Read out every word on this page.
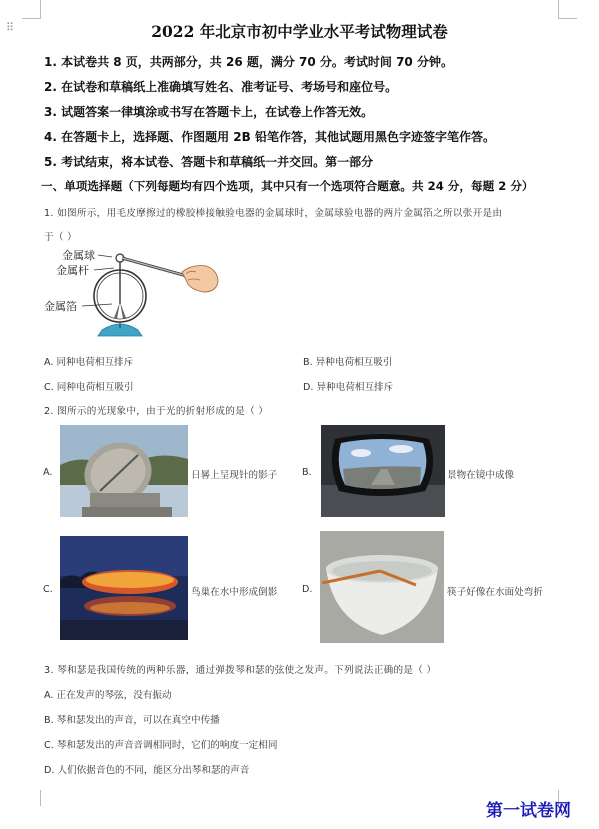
⠿	2022 年北京市初中学业水平考试物理试卷
1. 本试卷共 8 页，共两部分，共 26 题，满分 70 分。考试时间 70 分钟。
2. 在试卷和草稿纸上准确填写姓名、准考证号、考场号和座位号。
3. 试题答案一律填涂或书写在答题卡上，在试卷上作答无效。
4. 在答题卡上，选择题、作图题用 2B 铅笔作答，其他试题用黑色字迹签字笔作答。
5. 考试结束，将本试卷、答题卡和草稿纸一并交回。第一部分
一、单项选择题（下列每题均有四个选项，其中只有一个选项符合题意。共 24 分，每题 2 分）
1. 如图所示，用毛皮摩擦过的橡胶棒接触验电器的金属球时，金属球验电器的两片金属箔之所以张开是由
于（ ）
金属球
金属杆
金属箔
A. 同种电荷相互排斥	B. 异种电荷相互吸引
C. 同种电荷相互吸引	D. 异种电荷相互排斥
2. 图所示的光现象中，由于光的折射形成的是（ ）
A.	日晷上呈现针的影子	B.	景物在镜中成像
C.	鸟巢在水中形成倒影	D.	筷子好像在水面处弯折
3. 琴和瑟是我国传统的两种乐器，通过弹拨琴和瑟的弦使之发声。下列说法正确的是（ ）
A. 正在发声的琴弦，没有振动
B. 琴和瑟发出的声音，可以在真空中传播
C. 琴和瑟发出的声音音调相同时，它们的响度一定相同
D. 人们依据音色的不同，能区分出琴和瑟的声音
第一试卷网
